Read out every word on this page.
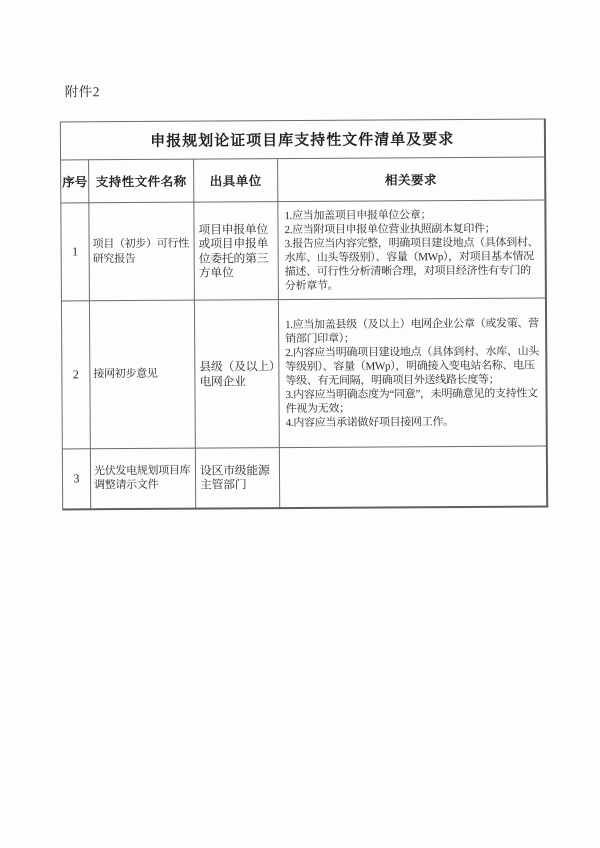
附件2
申报规划论证项目库支持性文件清单及要求			
序号	支持性文件名称	出具单位	相关要求
1	项目（初步）可行性研究报告	项目申报单位或项目申报单位委托的第三方单位	1.应当加盖项目申报单位公章；
2.应当附项目申报单位营业执照副本复印件；
3.报告应当内容完整，明确项目建设地点（具体到村、水库、山头等级别）、容量（MWp），对项目基本情况描述、可行性分析清晰合理，对项目经济性有专门的分析章节。

2	接网初步意见	县级（及以上）电网企业	1.应当加盖县级（及以上）电网企业公章（或发策、营销部门印章）；
2.内容应当明确项目建设地点（具体到村、水库、山头等级别）、容量（MWp），明确接入变电站名称、电压等级、有无间隔，明确项目外送线路长度等；
3.内容应当明确态度为“同意”，未明确意见的支持性文件视为无效；
4.内容应当承诺做好项目接网工作。

3	光伏发电规划项目库调整请示文件	设区市级能源主管部门	
